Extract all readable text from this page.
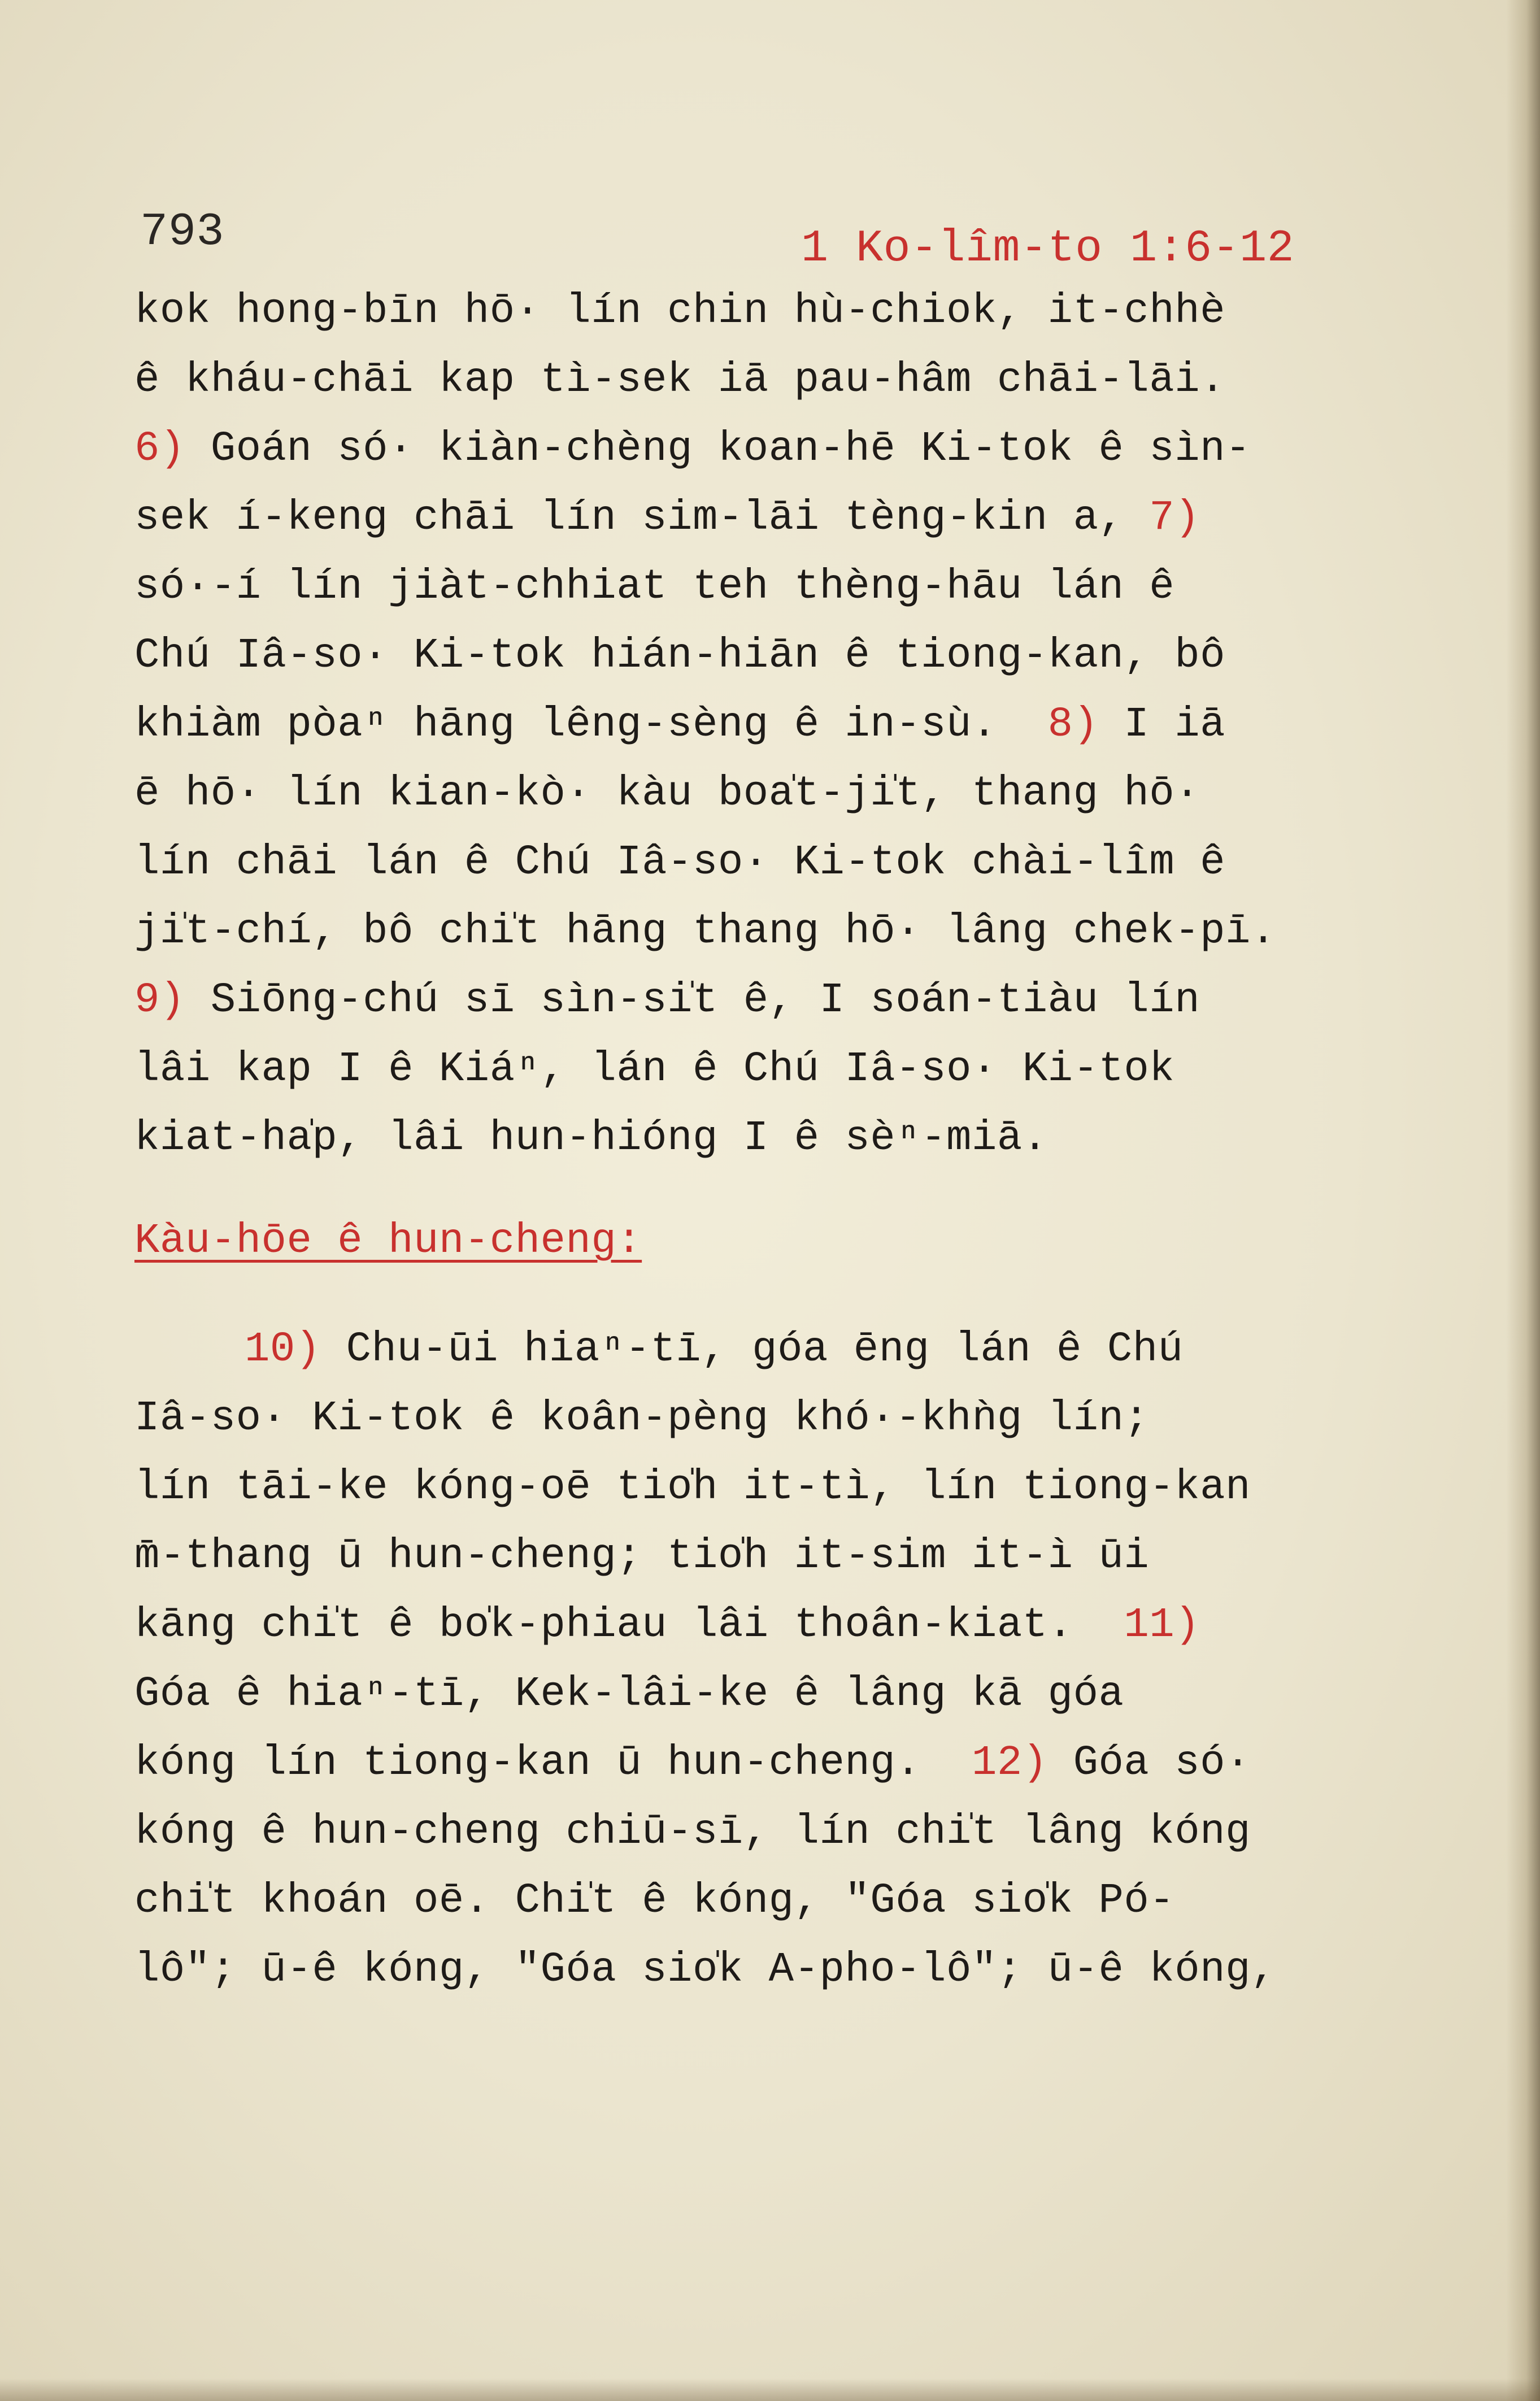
793	1 Ko-lîm-to 1:6-12
kok hong-bīn hō· lín chin hù-chiok, it-chhè
ê kháu-chāi kap tì-sek iā pau-hâm chāi-lāi.
6) Goán só· kiàn-chèng koan-hē Ki-tok ê sìn-
sek í-keng chāi lín sim-lāi tèng-kin a, 7)
só·-í lín jiàt-chhiat teh thèng-hāu lán ê
Chú Iâ-so· Ki-tok hián-hiān ê tiong-kan, bô
khiàm pòaⁿ hāng lêng-sèng ê in-sù.  8) I iā
ē hō· lín kian-kò· kàu boa̍t-ji̍t, thang hō·
lín chāi lán ê Chú Iâ-so· Ki-tok chài-lîm ê
ji̍t-chí, bô chi̍t hāng thang hō· lâng chek-pī.
9) Siōng-chú sī sìn-si̍t ê, I soán-tiàu lín
lâi kap I ê Kiáⁿ, lán ê Chú Iâ-so· Ki-tok
kiat-ha̍p, lâi hun-hióng I ê sèⁿ-miā.
Kàu-hōe ê hun-cheng:
10) Chu-ūi hiaⁿ-tī, góa ēng lán ê Chú
Iâ-so· Ki-tok ê koân-pèng khó·-khǹg lín;
lín tāi-ke kóng-oē tio̍h it-tì, lín tiong-kan
m̄-thang ū hun-cheng; tio̍h it-sim it-ì ūi
kāng chi̍t ê bo̍k-phiau lâi thoân-kiat.  11)
Góa ê hiaⁿ-tī, Kek-lâi-ke ê lâng kā góa
kóng lín tiong-kan ū hun-cheng.  12) Góa só·
kóng ê hun-cheng chiū-sī, lín chi̍t lâng kóng
chi̍t khoán oē. Chi̍t ê kóng, "Góa sio̍k Pó-
lô"; ū-ê kóng, "Góa sio̍k A-pho-lô"; ū-ê kóng,
